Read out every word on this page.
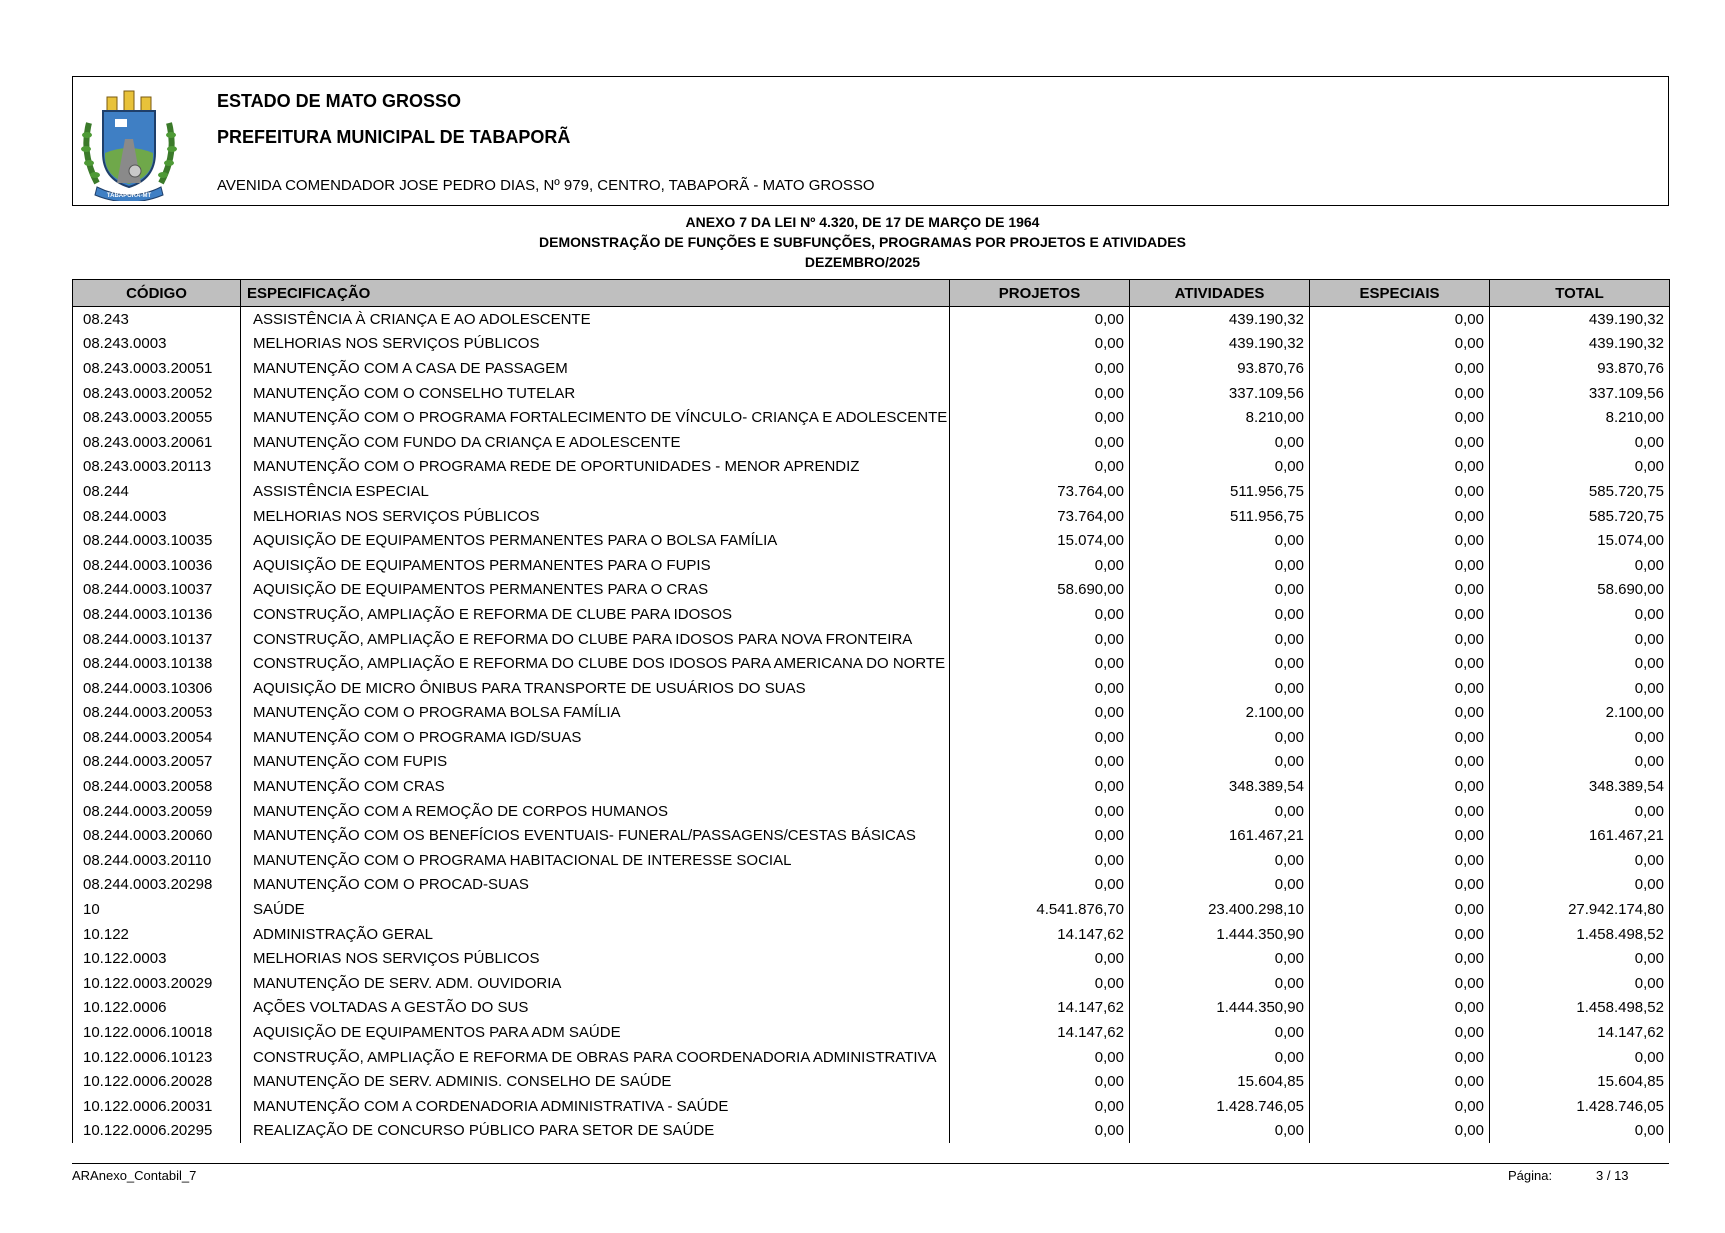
TABAPORÃ-MT
ESTADO DE MATO GROSSO
PREFEITURA MUNICIPAL DE TABAPORÃ
AVENIDA COMENDADOR JOSE PEDRO DIAS, Nº 979, CENTRO, TABAPORÃ - MATO GROSSO
ANEXO 7 DA LEI Nº 4.320, DE 17 DE MARÇO DE 1964
DEMONSTRAÇÃO DE FUNÇÕES E SUBFUNÇÕES, PROGRAMAS POR PROJETOS E ATIVIDADES
DEZEMBRO/2025
CÓDIGO	ESPECIFICAÇÃO	PROJETOS	ATIVIDADES	ESPECIAIS	TOTAL
08.243	ASSISTÊNCIA À CRIANÇA E AO ADOLESCENTE	0,00	439.190,32	0,00	439.190,32
08.243.0003	MELHORIAS NOS SERVIÇOS PÚBLICOS	0,00	439.190,32	0,00	439.190,32
08.243.0003.20051	MANUTENÇÃO COM A CASA DE PASSAGEM	0,00	93.870,76	0,00	93.870,76
08.243.0003.20052	MANUTENÇÃO COM O CONSELHO TUTELAR	0,00	337.109,56	0,00	337.109,56
08.243.0003.20055	MANUTENÇÃO COM O PROGRAMA FORTALECIMENTO DE VÍNCULO- CRIANÇA E ADOLESCENTE	0,00	8.210,00	0,00	8.210,00
08.243.0003.20061	MANUTENÇÃO COM FUNDO DA CRIANÇA E ADOLESCENTE	0,00	0,00	0,00	0,00
08.243.0003.20113	MANUTENÇÃO COM O PROGRAMA REDE DE OPORTUNIDADES - MENOR APRENDIZ	0,00	0,00	0,00	0,00
08.244	ASSISTÊNCIA ESPECIAL	73.764,00	511.956,75	0,00	585.720,75
08.244.0003	MELHORIAS NOS SERVIÇOS PÚBLICOS	73.764,00	511.956,75	0,00	585.720,75
08.244.0003.10035	AQUISIÇÃO DE EQUIPAMENTOS PERMANENTES PARA O BOLSA FAMÍLIA	15.074,00	0,00	0,00	15.074,00
08.244.0003.10036	AQUISIÇÃO DE EQUIPAMENTOS PERMANENTES PARA O FUPIS	0,00	0,00	0,00	0,00
08.244.0003.10037	AQUISIÇÃO DE EQUIPAMENTOS PERMANENTES PARA O CRAS	58.690,00	0,00	0,00	58.690,00
08.244.0003.10136	CONSTRUÇÃO, AMPLIAÇÃO E REFORMA DE CLUBE PARA IDOSOS	0,00	0,00	0,00	0,00
08.244.0003.10137	CONSTRUÇÃO, AMPLIAÇÃO E REFORMA DO CLUBE PARA IDOSOS PARA NOVA FRONTEIRA	0,00	0,00	0,00	0,00
08.244.0003.10138	CONSTRUÇÃO, AMPLIAÇÃO E REFORMA DO CLUBE DOS IDOSOS PARA AMERICANA DO NORTE	0,00	0,00	0,00	0,00
08.244.0003.10306	AQUISIÇÃO DE MICRO ÔNIBUS PARA TRANSPORTE DE USUÁRIOS DO SUAS	0,00	0,00	0,00	0,00
08.244.0003.20053	MANUTENÇÃO COM O PROGRAMA BOLSA FAMÍLIA	0,00	2.100,00	0,00	2.100,00
08.244.0003.20054	MANUTENÇÃO COM O PROGRAMA IGD/SUAS	0,00	0,00	0,00	0,00
08.244.0003.20057	MANUTENÇÃO COM FUPIS	0,00	0,00	0,00	0,00
08.244.0003.20058	MANUTENÇÃO COM CRAS	0,00	348.389,54	0,00	348.389,54
08.244.0003.20059	MANUTENÇÃO COM A REMOÇÃO DE CORPOS HUMANOS	0,00	0,00	0,00	0,00
08.244.0003.20060	MANUTENÇÃO COM OS BENEFÍCIOS EVENTUAIS- FUNERAL/PASSAGENS/CESTAS BÁSICAS	0,00	161.467,21	0,00	161.467,21
08.244.0003.20110	MANUTENÇÃO COM O PROGRAMA HABITACIONAL DE INTERESSE SOCIAL	0,00	0,00	0,00	0,00
08.244.0003.20298	MANUTENÇÃO COM O PROCAD-SUAS	0,00	0,00	0,00	0,00
10	SAÚDE	4.541.876,70	23.400.298,10	0,00	27.942.174,80
10.122	ADMINISTRAÇÃO GERAL	14.147,62	1.444.350,90	0,00	1.458.498,52
10.122.0003	MELHORIAS NOS SERVIÇOS PÚBLICOS	0,00	0,00	0,00	0,00
10.122.0003.20029	MANUTENÇÃO DE SERV. ADM. OUVIDORIA	0,00	0,00	0,00	0,00
10.122.0006	AÇÕES VOLTADAS A GESTÃO DO SUS	14.147,62	1.444.350,90	0,00	1.458.498,52
10.122.0006.10018	AQUISIÇÃO DE EQUIPAMENTOS PARA ADM SAÚDE	14.147,62	0,00	0,00	14.147,62
10.122.0006.10123	CONSTRUÇÃO, AMPLIAÇÃO E REFORMA DE OBRAS PARA COORDENADORIA ADMINISTRATIVA	0,00	0,00	0,00	0,00
10.122.0006.20028	MANUTENÇÃO DE SERV. ADMINIS. CONSELHO DE SAÚDE	0,00	15.604,85	0,00	15.604,85
10.122.0006.20031	MANUTENÇÃO COM A CORDENADORIA ADMINISTRATIVA - SAÚDE	0,00	1.428.746,05	0,00	1.428.746,05
10.122.0006.20295	REALIZAÇÃO DE CONCURSO PÚBLICO PARA SETOR DE SAÚDE	0,00	0,00	0,00	0,00
ARAnexo_Contabil_7	Página:	3 / 13
